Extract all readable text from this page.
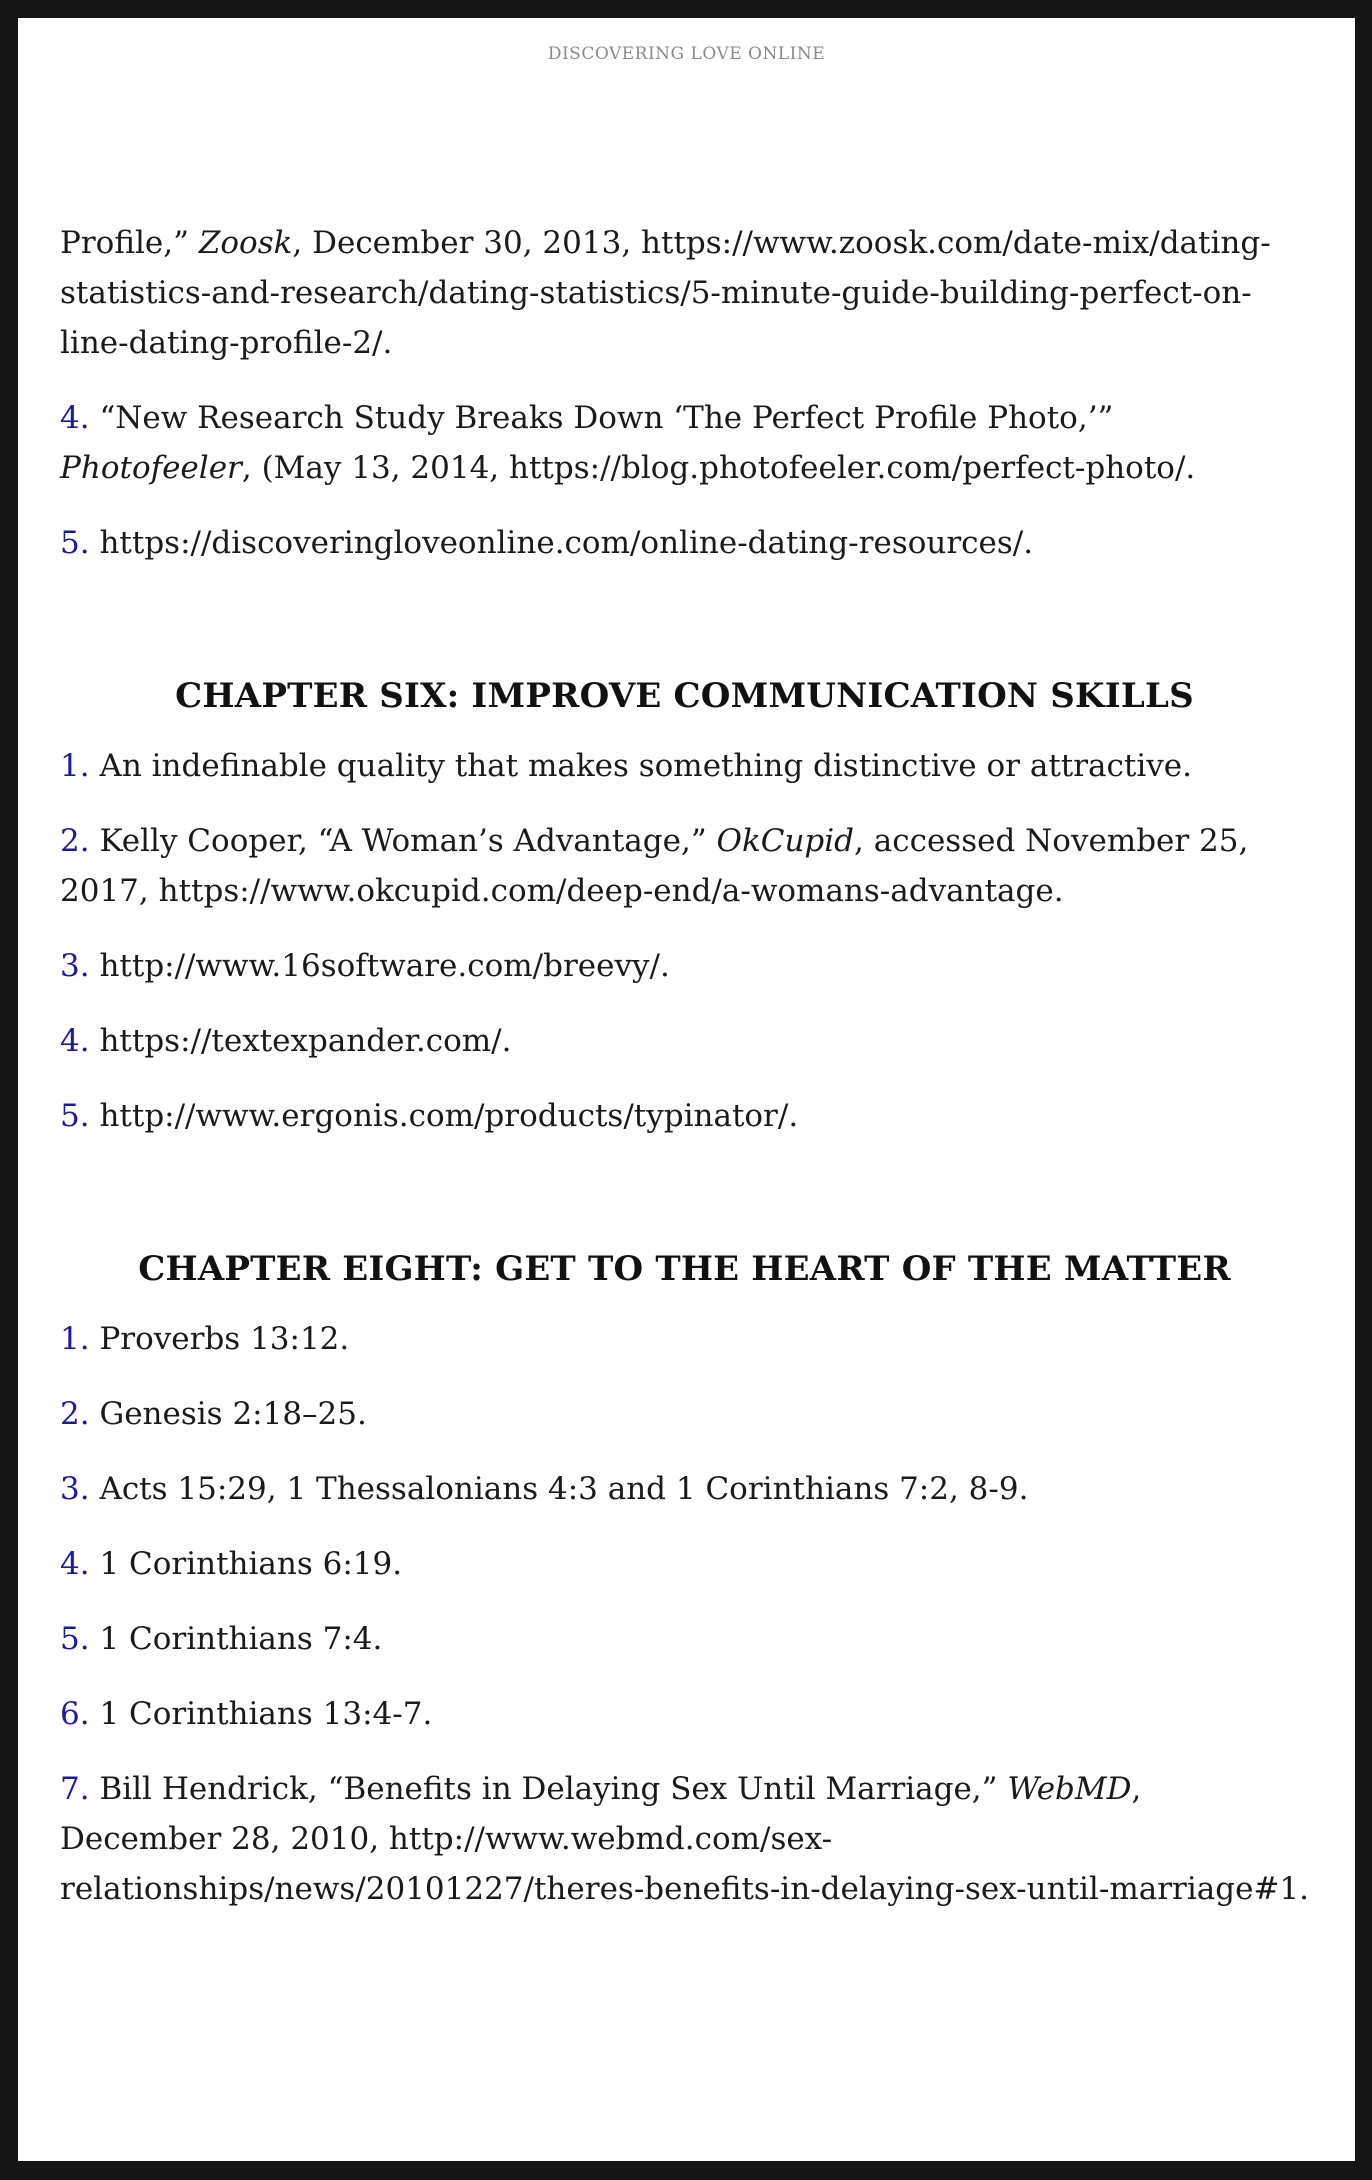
DISCOVERING LOVE ONLINE

Profile,” Zoosk, December 30, 2013, https://www.zoosk.com/date-mix/dating-statistics-and-research/dating-statistics/5-minute-guide-building-perfect-on-line-dating-profile-2/.

4. “New Research Study Breaks Down ‘The Perfect Profile Photo,’” Photofeeler, (May 13, 2014, https://blog.photofeeler.com/perfect-photo/.

5. https://discoveringloveonline.com/online-dating-resources/.

CHAPTER SIX: IMPROVE COMMUNICATION SKILLS

1. An indefinable quality that makes something distinctive or attractive.

2. Kelly Cooper, “A Woman’s Advantage,” OkCupid, accessed November 25, 2017, https://www.okcupid.com/deep-end/a-womans-advantage.

3. http://www.16software.com/breevy/.

4. https://textexpander.com/.

5. http://www.ergonis.com/products/typinator/.

CHAPTER EIGHT: GET TO THE HEART OF THE MATTER

1. Proverbs 13:12.

2. Genesis 2:18–25.

3. Acts 15:29, 1 Thessalonians 4:3 and 1 Corinthians 7:2, 8-9.

4. 1 Corinthians 6:19.

5. 1 Corinthians 7:4.

6. 1 Corinthians 13:4-7.

7. Bill Hendrick, “Benefits in Delaying Sex Until Marriage,” WebMD, December 28, 2010, http://www.webmd.com/sex-relationships/news/20101227/theres-benefits-in-delaying-sex-until-marriage#1.
